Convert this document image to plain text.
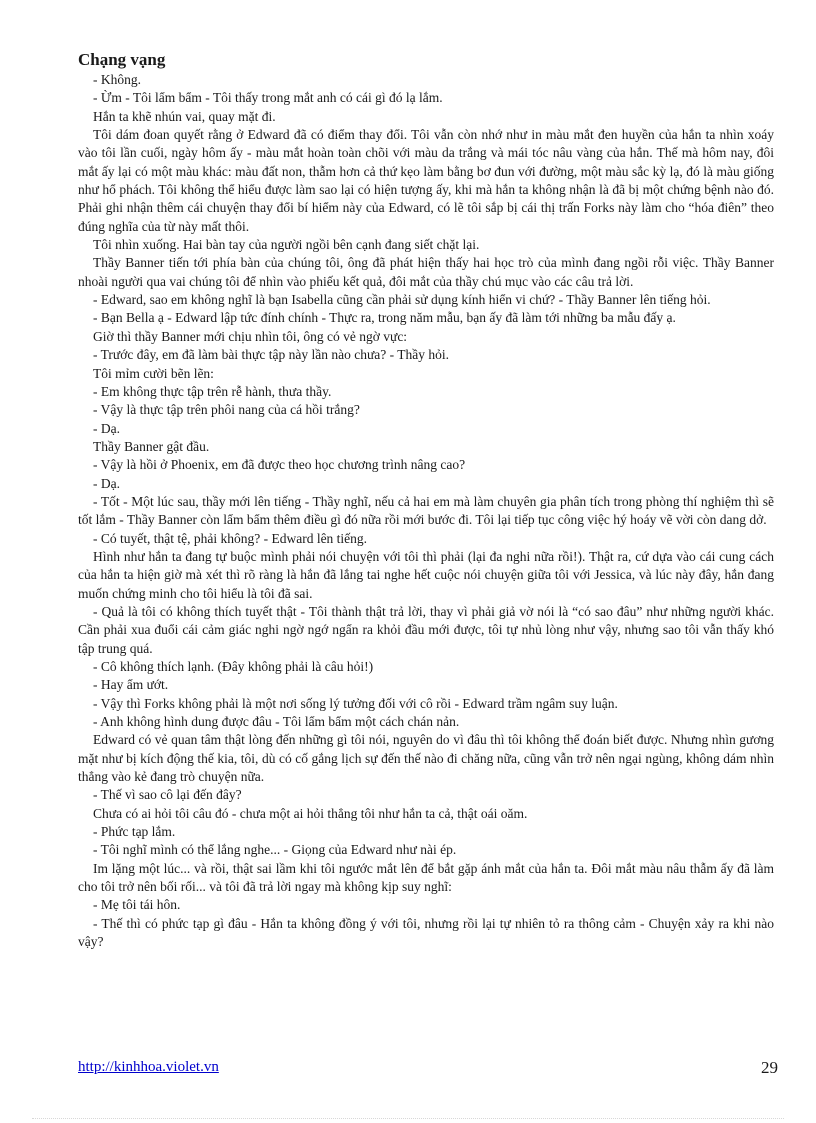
Chạng vạng

- Không.

- Ừm - Tôi lẩm bẩm - Tôi thấy trong mắt anh có cái gì đó lạ lắm.

Hắn ta khẽ nhún vai, quay mặt đi.

Tôi dám đoan quyết rằng ở Edward đã có điểm thay đổi. Tôi vẫn còn nhớ như in màu mắt đen huyền của hắn ta nhìn xoáy vào tôi lần cuối, ngày hôm ấy - màu mắt hoàn toàn chõi với màu da trắng và mái tóc nâu vàng của hắn. Thế mà hôm nay, đôi mắt ấy lại có một màu khác: màu đất non, thẫm hơn cả thứ kẹo làm bằng bơ đun với đường, một màu sắc kỳ lạ, đó là màu giống như hổ phách. Tôi không thể hiểu được làm sao lại có hiện tượng ấy, khi mà hắn ta không nhận là đã bị một chứng bệnh nào đó. Phải ghi nhận thêm cái chuyện thay đổi bí hiểm này của Edward, có lẽ tôi sắp bị cái thị trấn Forks này làm cho “hóa điên” theo đúng nghĩa của từ này mất thôi.

Tôi nhìn xuống. Hai bàn tay của người ngồi bên cạnh đang siết chặt lại.

Thầy Banner tiến tới phía bàn của chúng tôi, ông đã phát hiện thấy hai học trò của mình đang ngồi rỗi việc. Thầy Banner nhoài người qua vai chúng tôi để nhìn vào phiếu kết quả, đôi mắt của thầy chú mục vào các câu trả lời.

- Edward, sao em không nghĩ là bạn Isabella cũng cần phải sử dụng kính hiển vi chứ? - Thầy Banner lên tiếng hỏi.

- Bạn Bella ạ - Edward lập tức đính chính - Thực ra, trong năm mẫu, bạn ấy đã làm tới những ba mẫu đấy ạ.

Giờ thì thầy Banner mới chịu nhìn tôi, ông có vẻ ngờ vực:

- Trước đây, em đã làm bài thực tập này lần nào chưa? - Thầy hỏi.

Tôi mỉm cười bẽn lẽn:

- Em không thực tập trên rễ hành, thưa thầy.

- Vậy là thực tập trên phôi nang của cá hồi trắng?

- Dạ.

Thầy Banner gật đầu.

- Vậy là hồi ở Phoenix, em đã được theo học chương trình nâng cao?

- Dạ.

- Tốt - Một lúc sau, thầy mới lên tiếng - Thầy nghĩ, nếu cả hai em mà làm chuyên gia phân tích trong phòng thí nghiệm thì sẽ tốt lắm - Thầy Banner còn lẩm bẩm thêm điều gì đó nữa rồi mới bước đi. Tôi lại tiếp tục công việc hý hoáy vẽ vời còn dang dở.

- Có tuyết, thật tệ, phải không? - Edward lên tiếng.

Hình như hắn ta đang tự buộc mình phải nói chuyện với tôi thì phải (lại đa nghi nữa rồi!). Thật ra, cứ dựa vào cái cung cách của hắn ta hiện giờ mà xét thì rõ ràng là hắn đã lắng tai nghe hết cuộc nói chuyện giữa tôi với Jessica, và lúc này đây, hắn đang muốn chứng minh cho tôi hiểu là tôi đã sai.

- Quả là tôi có không thích tuyết thật - Tôi thành thật trả lời, thay vì phải giả vờ nói là “có sao đâu” như những người khác. Cần phải xua đuổi cái cảm giác nghi ngờ ngớ ngẩn ra khỏi đầu mới được, tôi tự nhủ lòng như vậy, nhưng sao tôi vẫn thấy khó tập trung quá.

- Cô không thích lạnh. (Đây không phải là câu hỏi!)

- Hay ẩm ướt.

- Vậy thì Forks không phải là một nơi sống lý tưởng đối với cô rồi - Edward trầm ngâm suy luận.

- Anh không hình dung được đâu - Tôi lẩm bẩm một cách chán nản.

Edward có vẻ quan tâm thật lòng đến những gì tôi nói, nguyên do vì đâu thì tôi không thể đoán biết được. Nhưng nhìn gương mặt như bị kích động thế kia, tôi, dù có cố gắng lịch sự đến thế nào đi chăng nữa, cũng vẫn trở nên ngại ngùng, không dám nhìn thẳng vào kẻ đang trò chuyện nữa.

- Thế vì sao cô lại đến đây?

Chưa có ai hỏi tôi câu đó - chưa một ai hỏi thẳng tôi như hắn ta cả, thật oái oăm.

- Phức tạp lắm.

- Tôi nghĩ mình có thể lắng nghe... - Giọng của Edward như nài ép.

Im lặng một lúc... và rồi, thật sai lầm khi tôi ngước mắt lên để bắt gặp ánh mắt của hắn ta. Đôi mắt màu nâu thẫm ấy đã làm cho tôi trở nên bối rối... và tôi đã trả lời ngay mà không kịp suy nghĩ:

- Mẹ tôi tái hôn.

- Thế thì có phức tạp gì đâu - Hắn ta không đồng ý với tôi, nhưng rồi lại tự nhiên tỏ ra thông cảm - Chuyện xảy ra khi nào vậy?

http://kinhhoa.violet.vn	29
